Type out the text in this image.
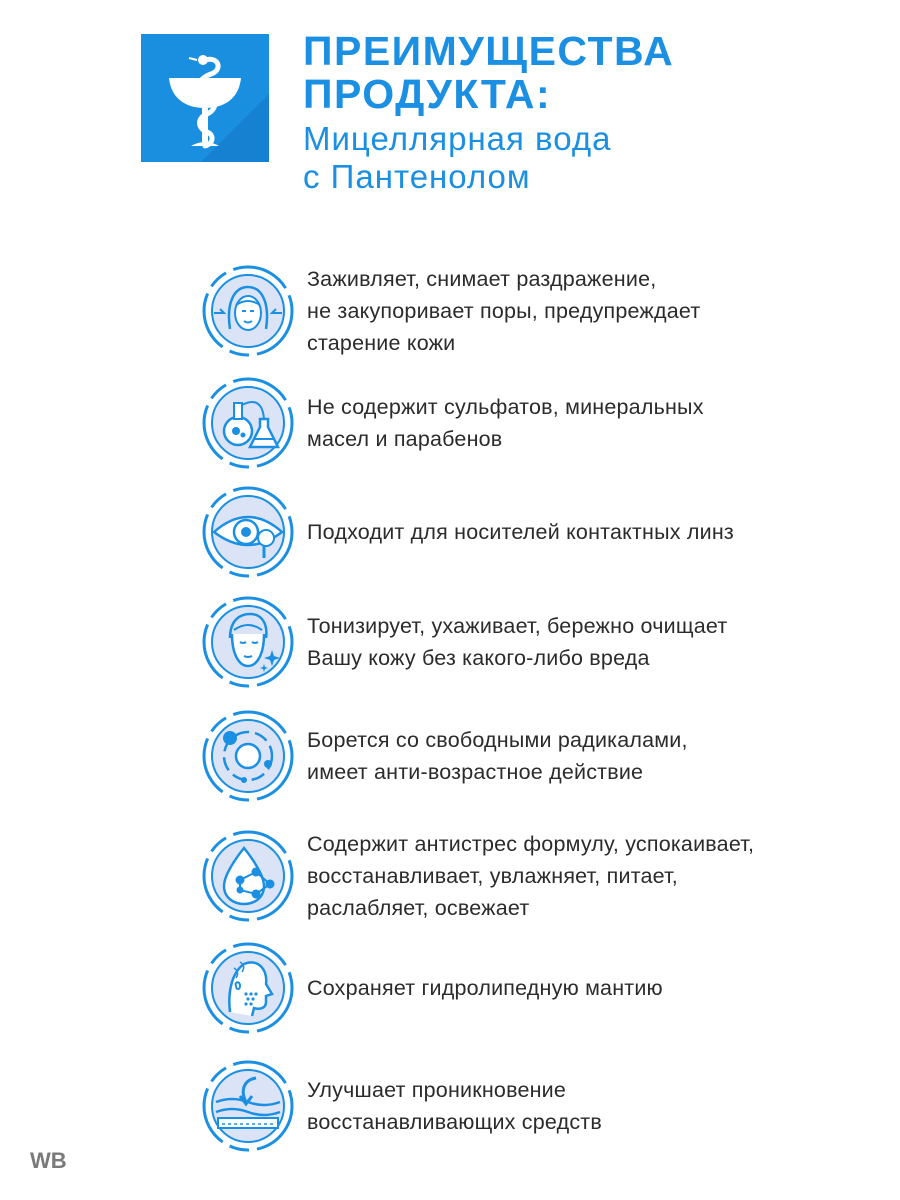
ПРЕИМУЩЕСТВА

ПРОДУКТА:

Мицеллярная вода

с Пантенолом

Заживляет, снимает раздражение,
не закупоривает поры, предупреждает
старение кожи
Не содержит сульфатов, минеральных
масел и парабенов
Подходит для носителей контактных линз
Тонизирует, ухаживает, бережно очищает
Вашу кожу без какого-либо вреда
Борется со свободными радикалами,
имеет анти-возрастное действие
Содержит антистрес формулу, успокаивает,
восстанавливает, увлажняет, питает,
раслабляет, освежает
Сохраняет гидролипедную мантию
Улучшает проникновение
восстанавливающих средств
WB
